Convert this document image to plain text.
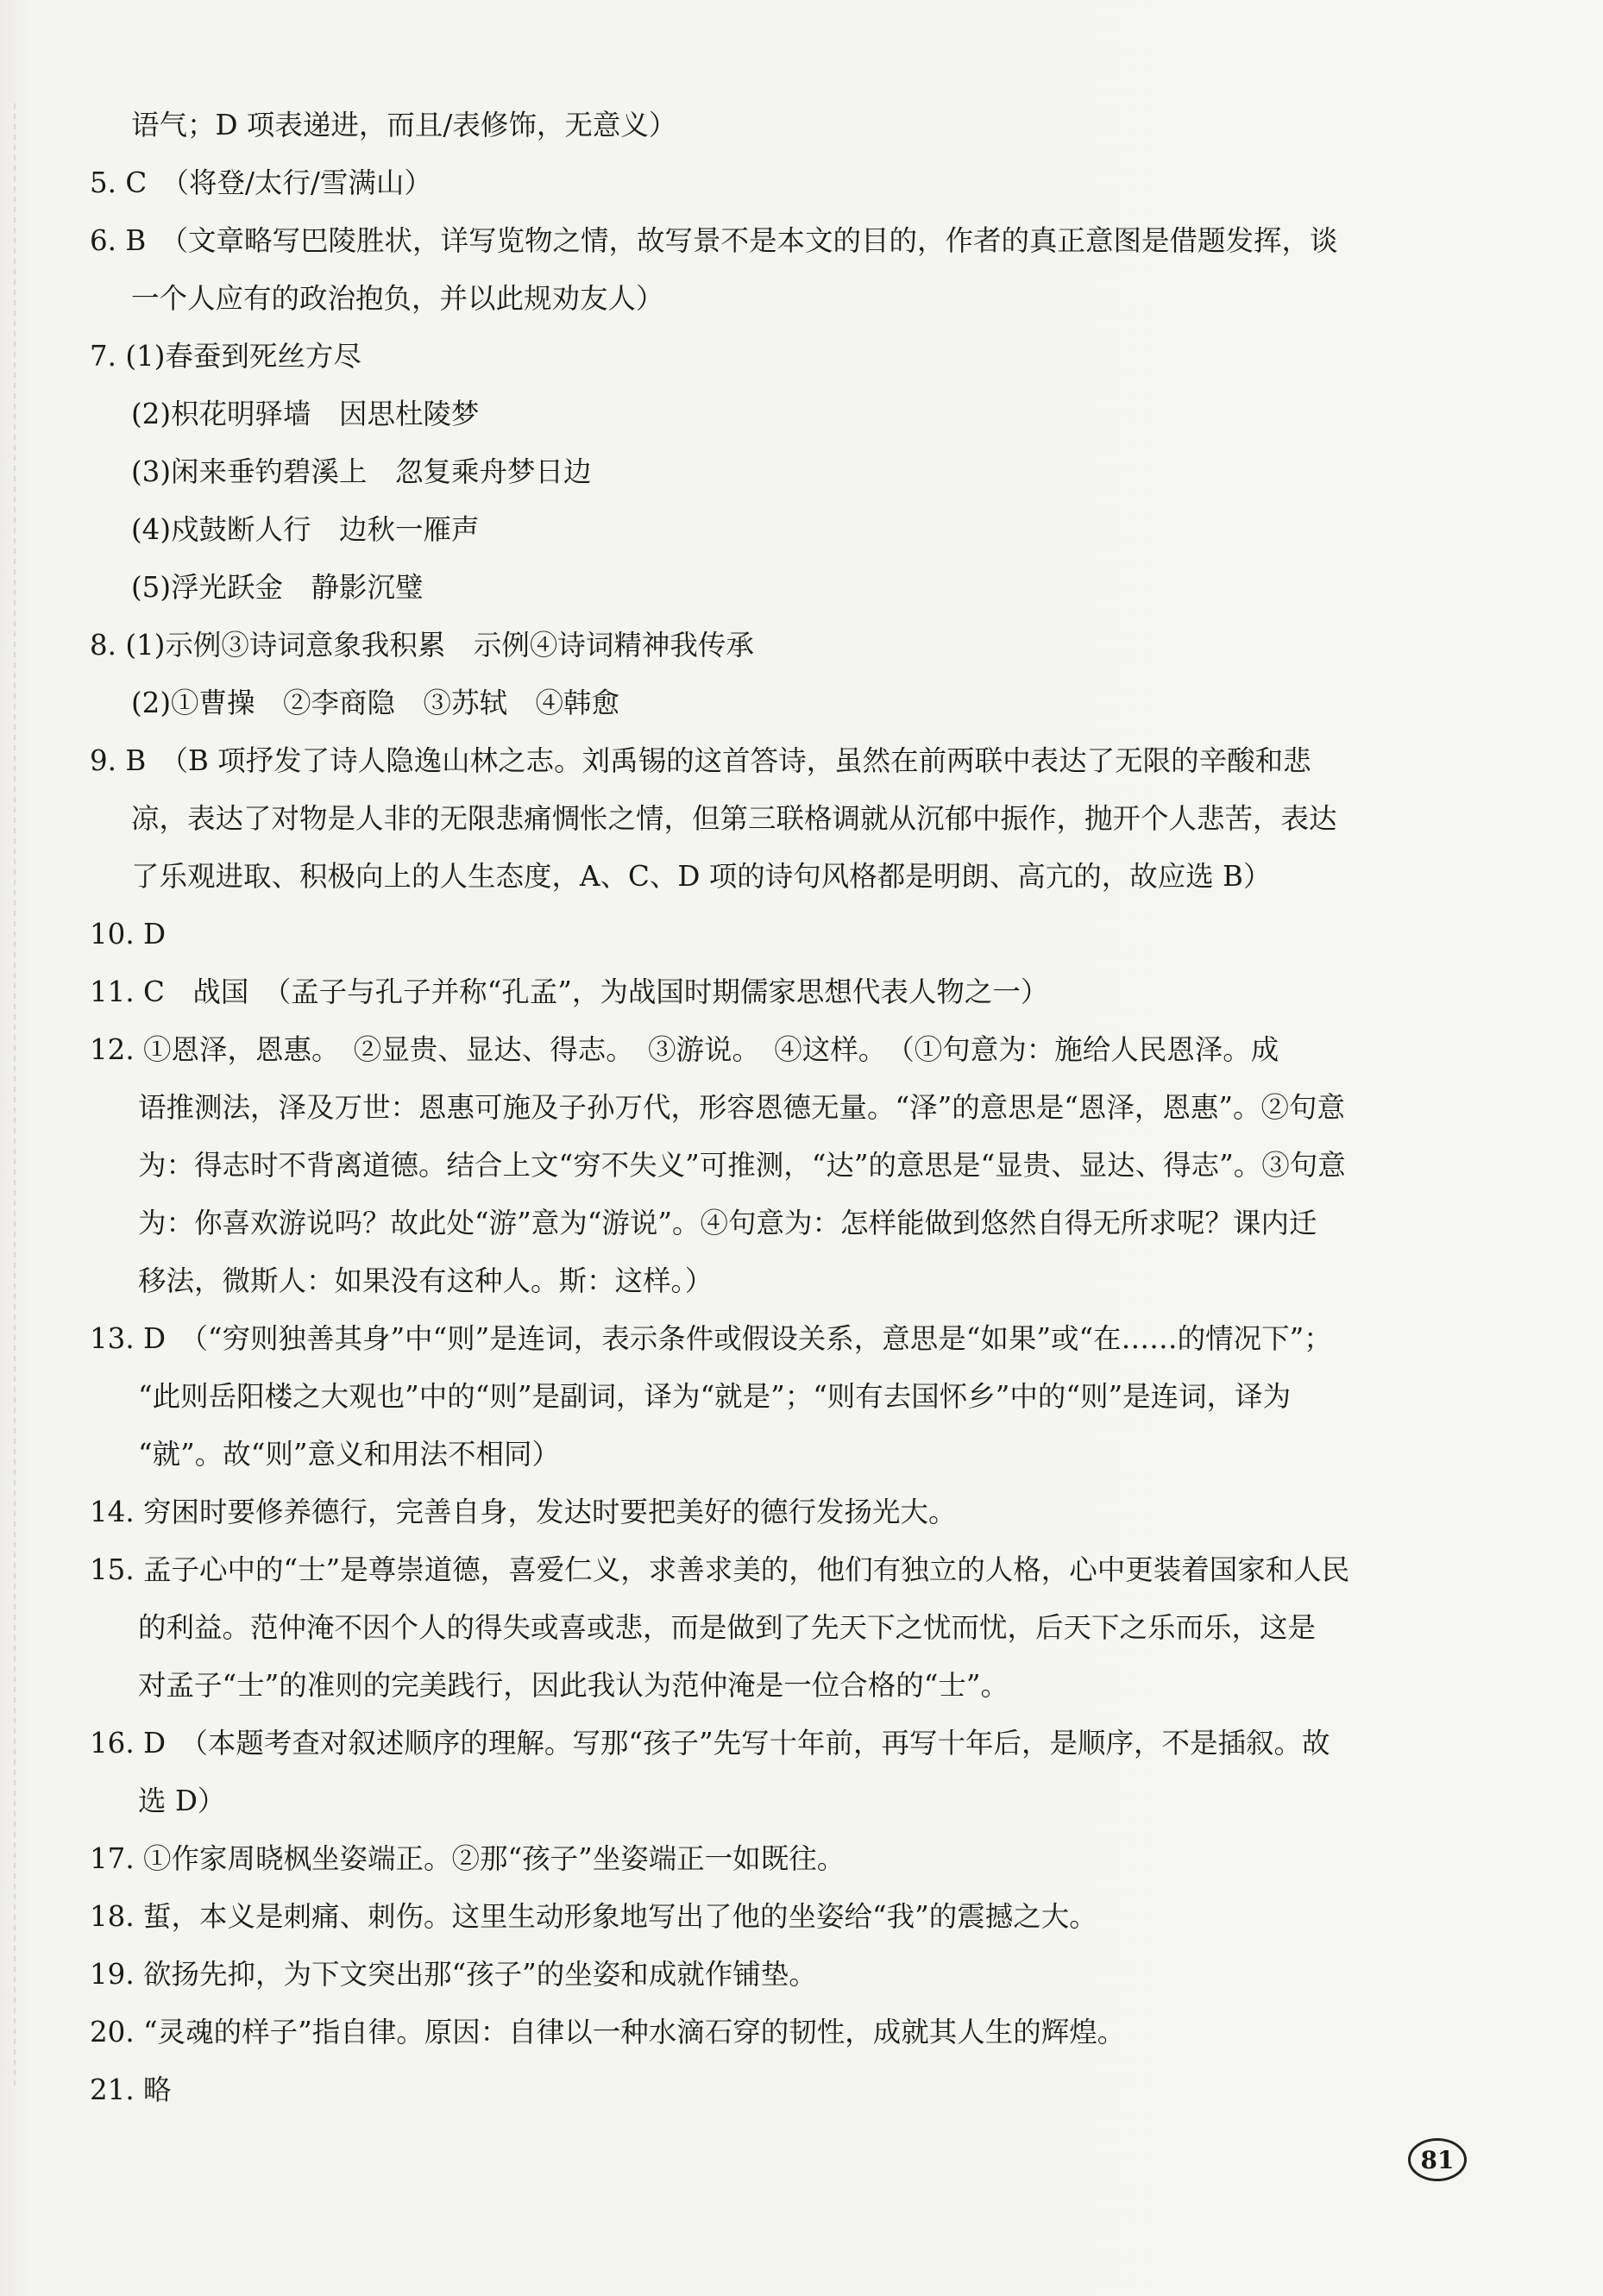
语气；D 项表递进，而且/表修饰，无意义）
5. C　（将登/太行/雪满山）
6. B　（文章略写巴陵胜状，详写览物之情，故写景不是本文的目的，作者的真正意图是借题发挥，谈
一个人应有的政治抱负，并以此规劝友人）
7. (1)春蚕到死丝方尽
(2)枳花明驿墙　因思杜陵梦
(3)闲来垂钓碧溪上　忽复乘舟梦日边
(4)戍鼓断人行　边秋一雁声
(5)浮光跃金　静影沉璧
8. (1)示例③诗词意象我积累　示例④诗词精神我传承
(2)①曹操　②李商隐　③苏轼　④韩愈
9. B　（B 项抒发了诗人隐逸山林之志。刘禹锡的这首答诗，虽然在前两联中表达了无限的辛酸和悲
凉，表达了对物是人非的无限悲痛惆怅之情，但第三联格调就从沉郁中振作，抛开个人悲苦，表达
了乐观进取、积极向上的人生态度，A、C、D 项的诗句风格都是明朗、高亢的，故应选 B）
10. D
11. C　战国　（孟子与孔子并称“孔孟”，为战国时期儒家思想代表人物之一）
12. ①恩泽，恩惠。　②显贵、显达、得志。　③游说。　④这样。　（①句意为：施给人民恩泽。成
语推测法，泽及万世：恩惠可施及子孙万代，形容恩德无量。“泽”的意思是“恩泽，恩惠”。②句意
为：得志时不背离道德。结合上文“穷不失义”可推测，“达”的意思是“显贵、显达、得志”。③句意
为：你喜欢游说吗？故此处“游”意为“游说”。④句意为：怎样能做到悠然自得无所求呢？课内迁
移法，微斯人：如果没有这种人。斯：这样。）
13. D　（“穷则独善其身”中“则”是连词，表示条件或假设关系，意思是“如果”或“在……的情况下”；
“此则岳阳楼之大观也”中的“则”是副词，译为“就是”；“则有去国怀乡”中的“则”是连词，译为
“就”。故“则”意义和用法不相同）
14. 穷困时要修养德行，完善自身，发达时要把美好的德行发扬光大。
15. 孟子心中的“士”是尊崇道德，喜爱仁义，求善求美的，他们有独立的人格，心中更装着国家和人民
的利益。范仲淹不因个人的得失或喜或悲，而是做到了先天下之忧而忧，后天下之乐而乐，这是
对孟子“士”的准则的完美践行，因此我认为范仲淹是一位合格的“士”。
16. D　（本题考查对叙述顺序的理解。写那“孩子”先写十年前，再写十年后，是顺序，不是插叙。故
选 D）
17. ①作家周晓枫坐姿端正。②那“孩子”坐姿端正一如既往。
18. 蜇，本义是刺痛、刺伤。这里生动形象地写出了他的坐姿给“我”的震撼之大。
19. 欲扬先抑，为下文突出那“孩子”的坐姿和成就作铺垫。
20. “灵魂的样子”指自律。原因：自律以一种水滴石穿的韧性，成就其人生的辉煌。
21. 略
81
